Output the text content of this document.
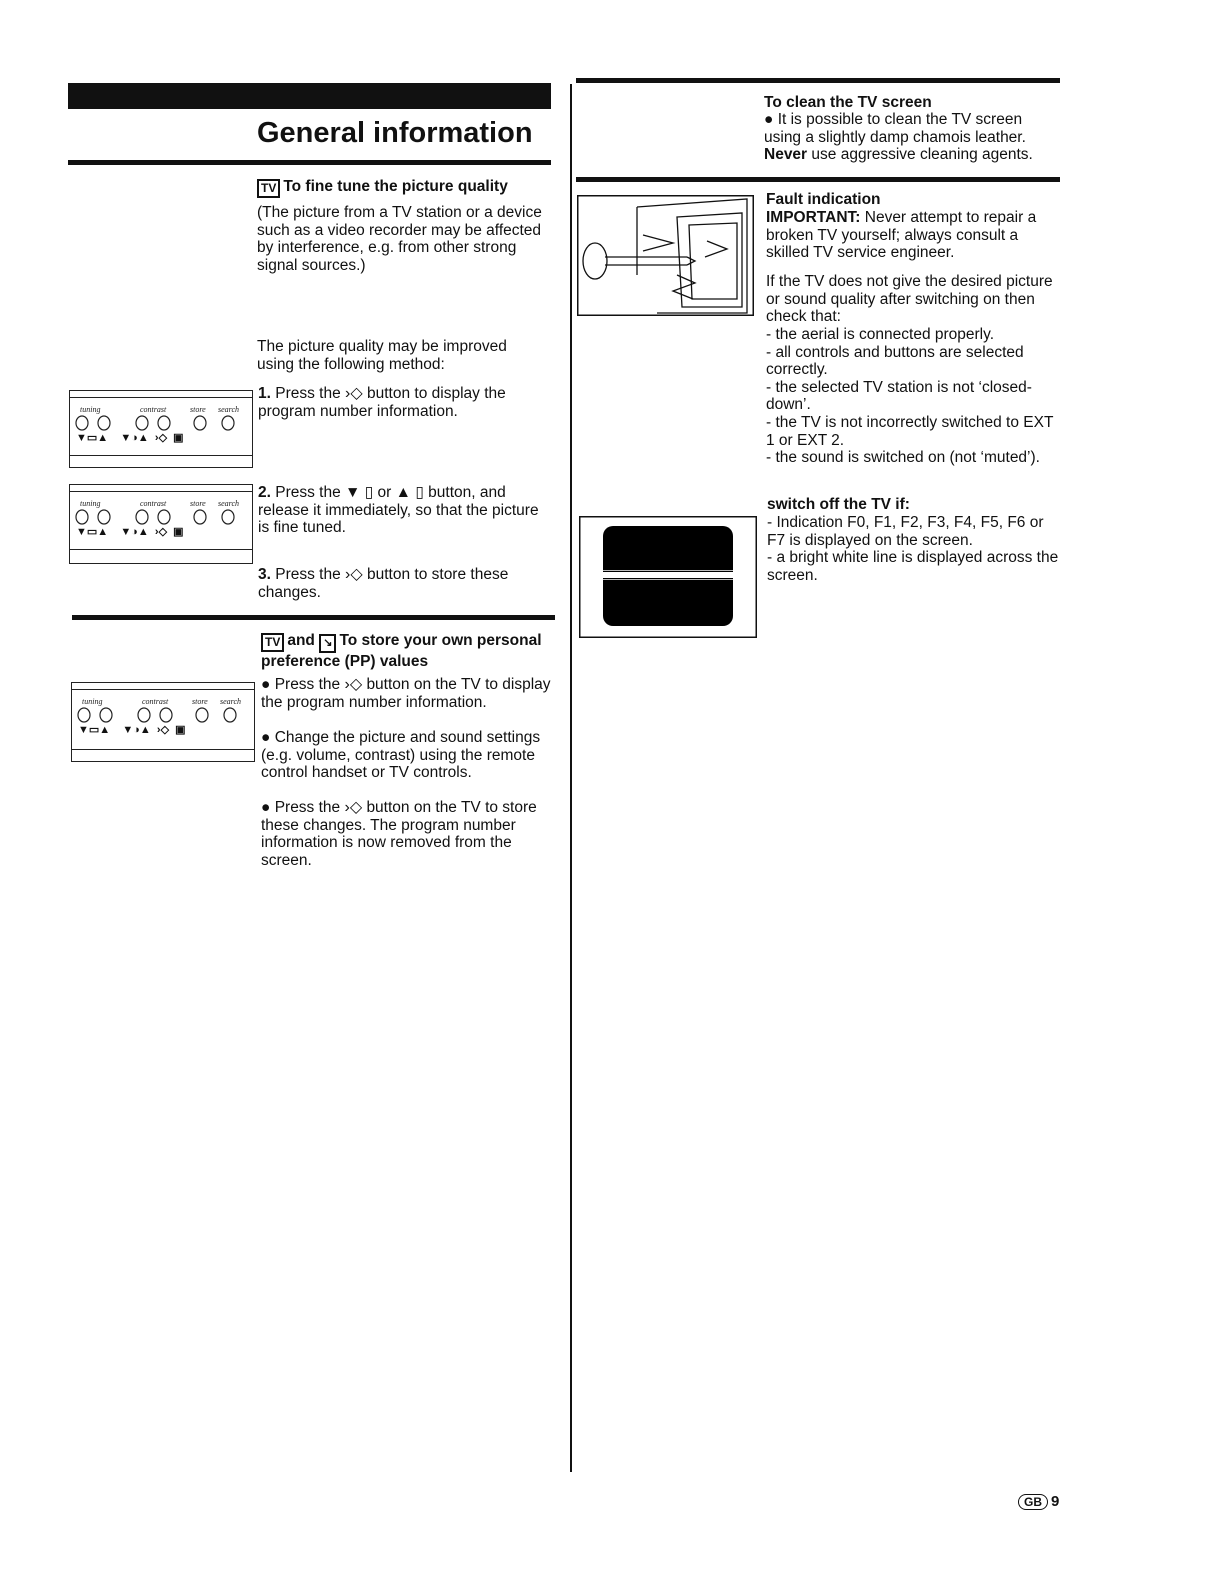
General information
TV To fine tune the picture quality
(The picture from a TV station or a device such as a video recorder may be affected by interference, e.g. from other strong signal sources.)
The picture quality may be improved using the following method:
1. Press the ›◇ button to display the program number information.
2. Press the ▼ ▯ or ▲ ▯ button, and release it immediately, so that the picture is fine tuned.
3. Press the ›◇ button to store these changes.
tuning	contrast	store search
▼▭▲    ▼◑▲  ›◇  ▣
tuning	contrast	store search
▼▭▲    ▼◑▲  ›◇  ▣
TV and ↘ To store your own personal preference (PP) values
● Press the ›◇ button on the TV to display the program number information.
● Change the picture and sound settings (e.g. volume, contrast) using the remote control handset or TV controls.
● Press the ›◇ button on the TV to store these changes. The program number information is now removed from the screen.
tuning	contrast	store search
▼▭▲    ▼◑▲  ›◇  ▣
To clean the TV screen
● It is possible to clean the TV screen using a slightly damp chamois leather. Never use aggressive cleaning agents.
Fault indication
IMPORTANT: Never attempt to repair a broken TV yourself; always consult a skilled TV service engineer.
If the TV does not give the desired picture or sound quality after switching on then check that:
- the aerial is connected properly.
- all controls and buttons are selected correctly.
- the selected TV station is not ‘closed-down’.
- the TV is not incorrectly switched to EXT 1 or EXT 2.
- the sound is switched on (not ‘muted’).
switch off the TV if:
- Indication F0, F1, F2, F3, F4, F5, F6 or F7 is displayed on the screen.
- a bright white line is displayed across the screen.
GB 9
